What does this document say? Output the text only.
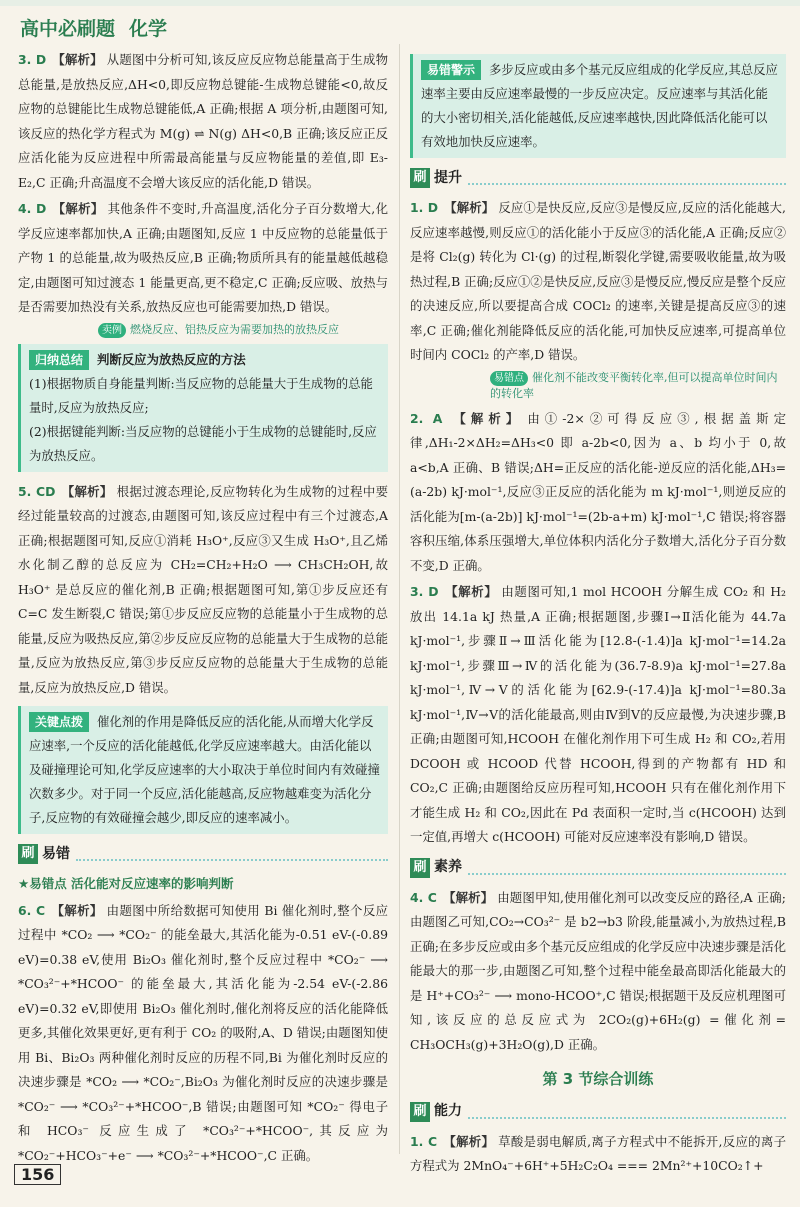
高中必刷题 化学

3. D 【解析】 从题图中分析可知,该反应反应物总能量高于生成物总能量,是放热反应,ΔH<0,即反应物总键能-生成物总键能<0,故反应物的总键能比生成物总键能低,A 正确;根据 A 项分析,由题图可知,该反应的热化学方程式为 M(g) ⇌ N(g) ΔH<0,B 正确;该反应正反应活化能为反应进程中所需最高能量与反应物能量的差值,即 E₃-E₂,C 正确;升高温度不会增大该反应的活化能,D 错误。

4. D 【解析】 其他条件不变时,升高温度,活化分子百分数增大,化学反应速率都加快,A 正确;由题图知,反应 1 中反应物的总能量低于产物 1 的总能量,故为吸热反应,B 正确;物质所具有的能量越低越稳定,由题图可知过渡态 1 能量更高,更不稳定,C 正确;反应吸、放热与是否需要加热没有关系,放热反应也可能需要加热,D 错误。

卖例 燃烧反应、铝热反应为需要加热的放热反应
归纳总结 判断反应为放热反应的方法
(1)根据物质自身能量判断:当反应物的总能量大于生成物的总能量时,反应为放热反应;
(2)根据键能判断:当反应物的总键能小于生成物的总键能时,反应为放热反应。

5. CD 【解析】 根据过渡态理论,反应物转化为生成物的过程中要经过能量较高的过渡态,由题图可知,该反应过程中有三个过渡态,A 正确;根据题图可知,反应①消耗 H₃O⁺,反应③又生成 H₃O⁺,且乙烯水化制乙醇的总反应为 CH₂=CH₂+H₂O ⟶ CH₃CH₂OH,故 H₃O⁺ 是总反应的催化剂,B 正确;根据题图可知,第①步反应还有 C=C 发生断裂,C 错误;第①步反应反应物的总能量小于生成物的总能量,反应为吸热反应,第②步反应反应物的总能量大于生成物的总能量,反应为放热反应,第③步反应反应物的总能量大于生成物的总能量,反应为放热反应,D 错误。

关键点拨 催化剂的作用是降低反应的活化能,从而增大化学反应速率,一个反应的活化能越低,化学反应速率越大。由活化能以及碰撞理论可知,化学反应速率的大小取决于单位时间内有效碰撞次数多少。对于同一个反应,活化能越高,反应物越难变为活化分子,反应物的有效碰撞会越少,即反应的速率减小。
刷 易错
★易错点 活化能对反应速率的影响判断

6. C 【解析】 由题图中所给数据可知使用 Bi 催化剂时,整个反应过程中 *CO₂ ⟶ *CO₂⁻ 的能垒最大,其活化能为-0.51 eV-(-0.89 eV)=0.38 eV,使用 Bi₂O₃ 催化剂时,整个反应过程中 *CO₂⁻ ⟶ *CO₃²⁻+*HCOO⁻ 的能垒最大,其活化能为-2.54 eV-(-2.86 eV)=0.32 eV,即使用 Bi₂O₃ 催化剂时,催化剂将反应的活化能降低更多,其催化效果更好,更有利于 CO₂ 的吸附,A、D 错误;由题图知使用 Bi、Bi₂O₃ 两种催化剂时反应的历程不同,Bi 为催化剂时反应的决速步骤是 *CO₂ ⟶ *CO₂⁻,Bi₂O₃ 为催化剂时反应的决速步骤是 *CO₂⁻ ⟶ *CO₃²⁻+*HCOO⁻,B 错误;由题图可知 *CO₂⁻ 得电子和 HCO₃⁻ 反应生成了 *CO₃²⁻+*HCOO⁻,其反应为 *CO₂⁻+HCO₃⁻+e⁻ ⟶ *CO₃²⁻+*HCOO⁻,C 正确。

易错警示 多步反应或由多个基元反应组成的化学反应,其总反应速率主要由反应速率最慢的一步反应决定。反应速率与其活化能的大小密切相关,活化能越低,反应速率越快,因此降低活化能可以有效地加快反应速率。
刷 提升

1. D 【解析】 反应①是快反应,反应③是慢反应,反应的活化能越大,反应速率越慢,则反应①的活化能小于反应③的活化能,A 正确;反应②是将 Cl₂(g) 转化为 Cl·(g) 的过程,断裂化学键,需要吸收能量,故为吸热过程,B 正确;反应①②是快反应,反应③是慢反应,慢反应是整个反应的决速反应,所以要提高合成 COCl₂ 的速率,关键是提高反应③的速率,C 正确;催化剂能降低反应的活化能,可加快反应速率,可提高单位时间内 COCl₂ 的产率,D 错误。

易错点 催化剂不能改变平衡转化率,但可以提高单位时间内的转化率

2. A 【解析】 由①-2×②可得反应③,根据盖斯定律,ΔH₁-2×ΔH₂=ΔH₃<0 即 a-2b<0,因为 a、b 均小于 0,故 a<b,A 正确、B 错误;ΔH=正反应的活化能-逆反应的活化能,ΔH₃=(a-2b) kJ·mol⁻¹,反应③正反应的活化能为 m kJ·mol⁻¹,则逆反应的活化能为[m-(a-2b)] kJ·mol⁻¹=(2b-a+m) kJ·mol⁻¹,C 错误;将容器容积压缩,体系压强增大,单位体积内活化分子数增大,活化分子百分数不变,D 正确。

3. D 【解析】 由题图可知,1 mol HCOOH 分解生成 CO₂ 和 H₂ 放出 14.1a kJ 热量,A 正确;根据题图,步骤Ⅰ→Ⅱ活化能为 44.7a kJ·mol⁻¹,步骤Ⅱ→Ⅲ活化能为[12.8-(-1.4)]a kJ·mol⁻¹=14.2a kJ·mol⁻¹,步骤Ⅲ→Ⅳ的活化能为(36.7-8.9)a kJ·mol⁻¹=27.8a kJ·mol⁻¹,Ⅳ→Ⅴ的活化能为[62.9-(-17.4)]a kJ·mol⁻¹=80.3a kJ·mol⁻¹,Ⅳ→Ⅴ的活化能最高,则由Ⅳ到Ⅴ的反应最慢,为决速步骤,B 正确;由题图可知,HCOOH 在催化剂作用下可生成 H₂ 和 CO₂,若用 DCOOH 或 HCOOD 代替 HCOOH,得到的产物都有 HD 和 CO₂,C 正确;由题图给反应历程可知,HCOOH 只有在催化剂作用下才能生成 H₂ 和 CO₂,因此在 Pd 表面积一定时,当 c(HCOOH) 达到一定值,再增大 c(HCOOH) 可能对反应速率没有影响,D 错误。

刷 素养

4. C 【解析】 由题图甲知,使用催化剂可以改变反应的路径,A 正确;由题图乙可知,CO₂→CO₃²⁻ 是 b2→b3 阶段,能量减小,为放热过程,B 正确;在多步反应或由多个基元反应组成的化学反应中决速步骤是活化能最大的那一步,由题图乙可知,整个过程中能垒最高即活化能最大的是 H⁺+CO₃²⁻ ⟶ mono-HCOO⁺,C 错误;根据题干及反应机理图可知,该反应的总反应式为 2CO₂(g)+6H₂(g) =催化剂= CH₃OCH₃(g)+3H₂O(g),D 正确。

第 3 节综合训练
刷 能力

1. C 【解析】 草酸是弱电解质,离子方程式中不能拆开,反应的离子方程式为 2MnO₄⁻+6H⁺+5H₂C₂O₄ === 2Mn²⁺+10CO₂↑+

156
